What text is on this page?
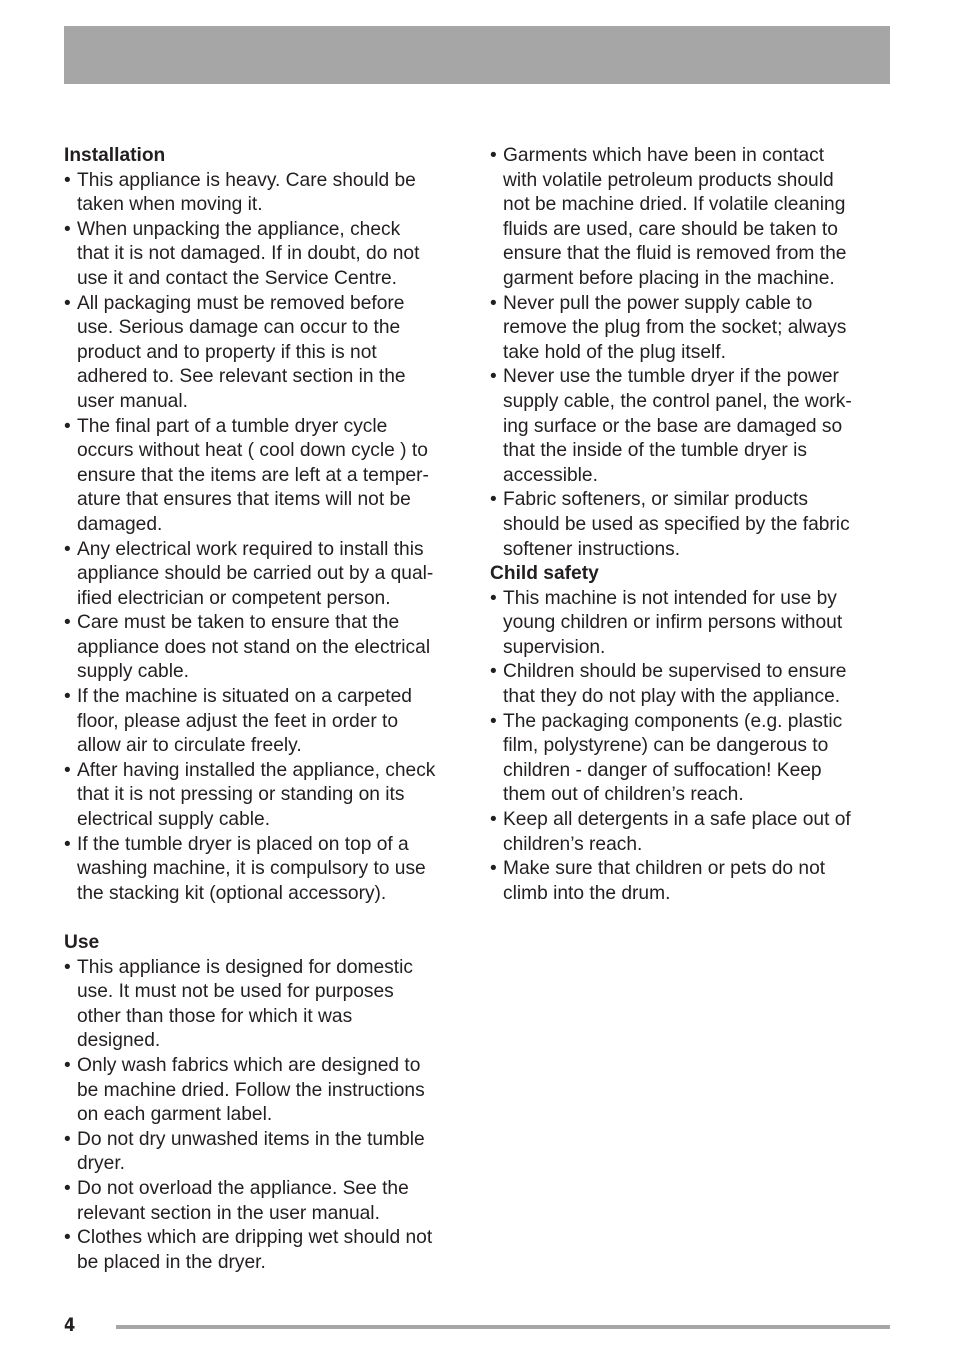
Installation
• This appliance is heavy. Care should be
taken when moving it.
• When unpacking the appliance, check
that it is not damaged. If in doubt, do not
use it and contact the Service Centre.
• All packaging must be removed before
use. Serious damage can occur to the
product and to property if this is not
adhered to. See relevant section in the
user manual.
• The final part of a tumble dryer cycle
occurs without heat ( cool down cycle ) to
ensure that the items are left at a temper-
ature that ensures that items will not be
damaged.
• Any electrical work required to install this
appliance should be carried out by a qual-
ified electrician or competent person.
• Care must be taken to ensure that the
appliance does not stand on the electrical
supply cable.
• If the machine is situated on a carpeted
floor, please adjust the feet in order to
allow air to circulate freely.
• After having installed the appliance, check
that it is not pressing or standing on its
electrical supply cable.
• If the tumble dryer is placed on top of a
washing machine, it is compulsory to use
the stacking kit (optional accessory).
Use
• This appliance is designed for domestic
use. It must not be used for purposes
other than those for which it was
designed.
• Only wash fabrics which are designed to
be machine dried. Follow the instructions
on each garment label.
• Do not dry unwashed items in the tumble
dryer.
• Do not overload the appliance. See the
relevant section in the user manual.
• Clothes which are dripping wet should not
be placed in the dryer.
• Garments which have been in contact
with volatile petroleum products should
not be machine dried. If volatile cleaning
fluids are used, care should be taken to
ensure that the fluid is removed from the
garment before placing in the machine.
• Never pull the power supply cable to
remove the plug from the socket; always
take hold of the plug itself.
• Never use the tumble dryer if the power
supply cable, the control panel, the work-
ing surface or the base are damaged so
that the inside of the tumble dryer is
accessible.
• Fabric softeners, or similar products
should be used as specified by the fabric
softener instructions.
Child safety
• This machine is not intended for use by
young children or infirm persons without
supervision.
• Children should be supervised to ensure
that they do not play with the appliance.
• The packaging components (e.g. plastic
film, polystyrene) can be dangerous to
children - danger of suffocation! Keep
them out of children’s reach.
• Keep all detergents in a safe place out of
children’s reach.
• Make sure that children or pets do not
climb into the drum.
4
